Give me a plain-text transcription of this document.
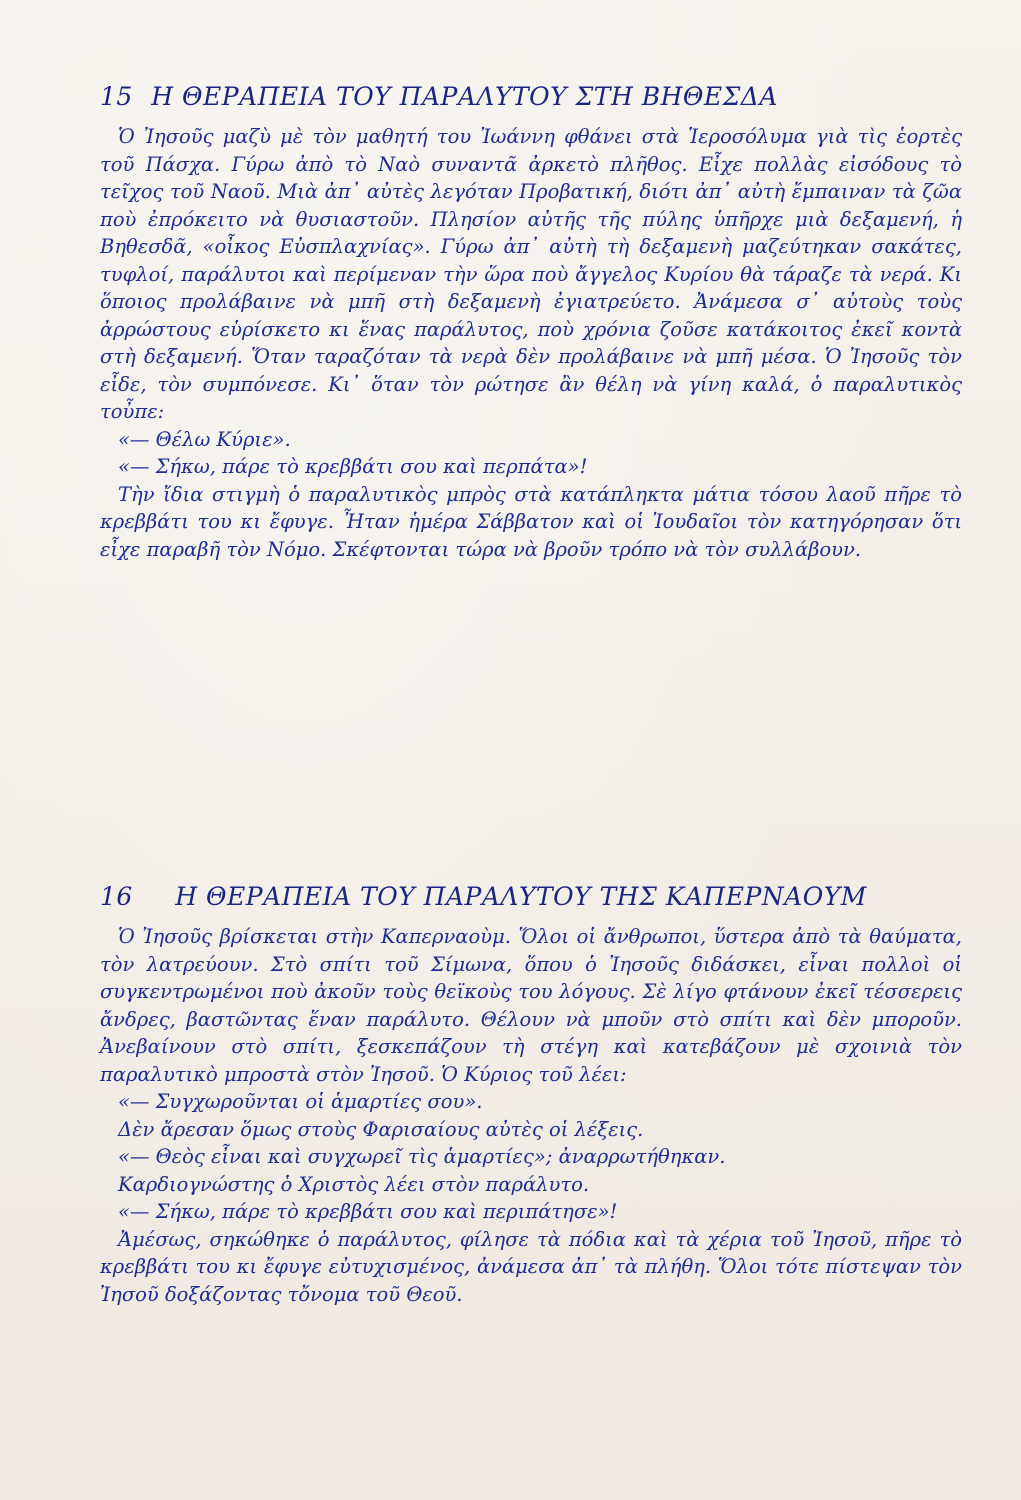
15 Η ΘΕΡΑΠΕΙΑ ΤΟΥ ΠΑΡΑΛΥΤΟΥ ΣΤΗ ΒΗΘΕΣΔΑ

Ὁ Ἰησοῦς μαζὺ μὲ τὸν μαθητή του Ἰωάννη φθάνει στὰ Ἱεροσόλυμα γιὰ τὶς ἑορτὲς τοῦ Πάσχα. Γύρω ἀπὸ τὸ Ναὸ συναντᾶ ἀρκετὸ πλῆθος. Εἶχε πολλὰς εἰσόδους τὸ τεῖχος τοῦ Ναοῦ. Μιὰ ἀπ᾽ αὐτὲς λεγόταν Προβατική, διότι ἀπ᾽ αὐτὴ ἔμπαιναν τὰ ζῶα ποὺ ἐπρόκειτο νὰ θυσιαστοῦν. Πλησίον αὐτῆς τῆς πύλης ὑπῆρχε μιὰ δεξαμενή, ἡ Βηθεσδᾶ, «οἶκος Εὐσπλαχνίας». Γύρω ἀπ᾽ αὐτὴ τὴ δεξαμενὴ μαζεύτηκαν σακάτες, τυφλοί, παράλυτοι καὶ περίμεναν τὴν ὥρα ποὺ ἄγγελος Κυρίου θὰ τάραζε τὰ νερά. Κι ὅποιος προλάβαινε νὰ μπῆ στὴ δεξαμενὴ ἐγιατρεύετο. Ἀνάμεσα σ᾽ αὐτοὺς τοὺς ἀρρώστους εὑρίσκετο κι ἕνας παράλυτος, ποὺ χρόνια ζοῦσε κατάκοιτος ἐκεῖ κοντὰ στὴ δεξαμενή. Ὅταν ταραζόταν τὰ νερὰ δὲν προλάβαινε νὰ μπῆ μέσα. Ὁ Ἰησοῦς τὸν εἶδε, τὸν συμπόνεσε. Κι᾽ ὅταν τὸν ρώτησε ἂν θέλη νὰ γίνη καλά, ὁ παραλυτικὸς τοὖπε:

«— Θέλω Κύριε».

«— Σήκω, πάρε τὸ κρεββάτι σου καὶ περπάτα»!

Τὴν ἴδια στιγμὴ ὁ παραλυτικὸς μπρὸς στὰ κατάπληκτα μάτια τόσου λαοῦ πῆρε τὸ κρεββάτι του κι ἔφυγε. Ἦταν ἡμέρα Σάββατον καὶ οἱ Ἰουδαῖοι τὸν κατηγόρησαν ὅτι εἶχε παραβῆ τὸν Νόμο. Σκέφτονται τώρα νὰ βροῦν τρόπο νὰ τὸν συλλάβουν.

16 Η ΘΕΡΑΠΕΙΑ ΤΟΥ ΠΑΡΑΛΥΤΟΥ ΤΗΣ ΚΑΠΕΡΝΑΟΥΜ

Ὁ Ἰησοῦς βρίσκεται στὴν Καπερναοὺμ. Ὅλοι οἱ ἄνθρωποι, ὕστερα ἀπὸ τὰ θαύματα, τὸν λατρεύουν. Στὸ σπίτι τοῦ Σίμωνα, ὅπου ὁ Ἰησοῦς διδάσκει, εἶναι πολλοὶ οἱ συγκεντρωμένοι ποὺ ἀκοῦν τοὺς θεϊκοὺς του λόγους. Σὲ λίγο φτάνουν ἐκεῖ τέσσερεις ἄνδρες, βαστῶντας ἕναν παράλυτο. Θέλουν νὰ μποῦν στὸ σπίτι καὶ δὲν μποροῦν. Ἀνεβαίνουν στὸ σπίτι, ξεσκεπάζουν τὴ στέγη καὶ κατεβάζουν μὲ σχοινιὰ τὸν παραλυτικὸ μπροστὰ στὸν Ἰησοῦ. Ὁ Κύριος τοῦ λέει:

«— Συγχωροῦνται οἱ ἁμαρτίες σου».

Δὲν ἄρεσαν ὅμως στοὺς Φαρισαίους αὐτὲς οἱ λέξεις.

«— Θεὸς εἶναι καὶ συγχωρεῖ τὶς ἁμαρτίες»; ἀναρρωτήθηκαν.

Καρδιογνώστης ὁ Χριστὸς λέει στὸν παράλυτο.

«— Σήκω, πάρε τὸ κρεββάτι σου καὶ περιπάτησε»!

Ἀμέσως, σηκώθηκε ὁ παράλυτος, φίλησε τὰ πόδια καὶ τὰ χέρια τοῦ Ἰησοῦ, πῆρε τὸ κρεββάτι του κι ἔφυγε εὐτυχισμένος, ἀνάμεσα ἀπ᾽ τὰ πλήθη. Ὅλοι τότε πίστεψαν τὸν Ἰησοῦ δοξάζοντας τὄνομα τοῦ Θεοῦ.
